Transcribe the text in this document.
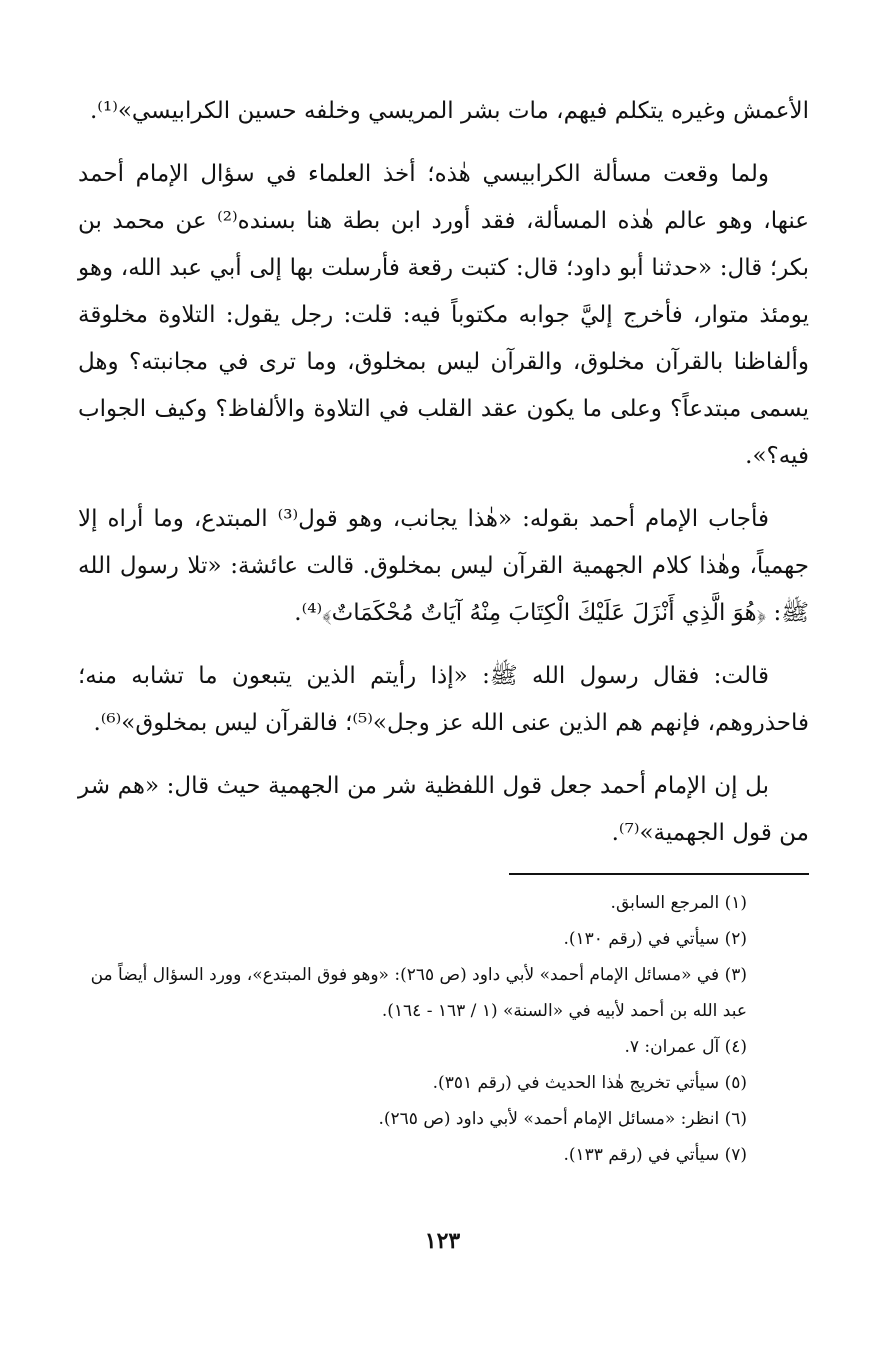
الأعمش وغيره يتكلم فيهم، مات بشر المريسي وخلفه حسين الكرابيسي»⁽¹⁾.

ولما وقعت مسألة الكرابيسي هٰذه؛ أخذ العلماء في سؤال الإمام أحمد عنها، وهو عالم هٰذه المسألة، فقد أورد ابن بطة هنا بسنده⁽²⁾ عن محمد بن بكر؛ قال: «حدثنا أبو داود؛ قال: كتبت رقعة فأرسلت بها إلى أبي عبد الله، وهو يومئذ متوار، فأخرج إليَّ جوابه مكتوباً فيه: قلت: رجل يقول: التلاوة مخلوقة وألفاظنا بالقرآن مخلوق، والقرآن ليس بمخلوق، وما ترى في مجانبته؟ وهل يسمى مبتدعاً؟ وعلى ما يكون عقد القلب في التلاوة والألفاظ؟ وكيف الجواب فيه؟».

فأجاب الإمام أحمد بقوله: «هٰذا يجانب، وهو قول⁽³⁾ المبتدع، وما أراه إلا جهمياً، وهٰذا كلام الجهمية القرآن ليس بمخلوق. قالت عائشة: «تلا رسول الله ﷺ: ﴿هُوَ الَّذِي أَنْزَلَ عَلَيْكَ الْكِتَابَ مِنْهُ آيَاتٌ مُحْكَمَاتٌ﴾⁽⁴⁾.

قالت: فقال رسول الله ﷺ: «إذا رأيتم الذين يتبعون ما تشابه منه؛ فاحذروهم، فإنهم هم الذين عنى الله عز وجل»⁽⁵⁾؛ فالقرآن ليس بمخلوق»⁽⁶⁾.

بل إن الإمام أحمد جعل قول اللفظية شر من الجهمية حيث قال: «هم شر من قول الجهمية»⁽⁷⁾.

(١) المرجع السابق.

(٢) سيأتي في (رقم ١٣٠).

(٣) في «مسائل الإمام أحمد» لأبي داود (ص ٢٦٥): «وهو فوق المبتدع»، وورد السؤال أيضاً من عبد الله بن أحمد لأبيه في «السنة» (١ / ١٦٣ - ١٦٤).

(٤) آل عمران: ٧.

(٥) سيأتي تخريج هٰذا الحديث في (رقم ٣٥١).

(٦) انظر: «مسائل الإمام أحمد» لأبي داود (ص ٢٦٥).

(٧) سيأتي في (رقم ١٣٣).

١٢٣
